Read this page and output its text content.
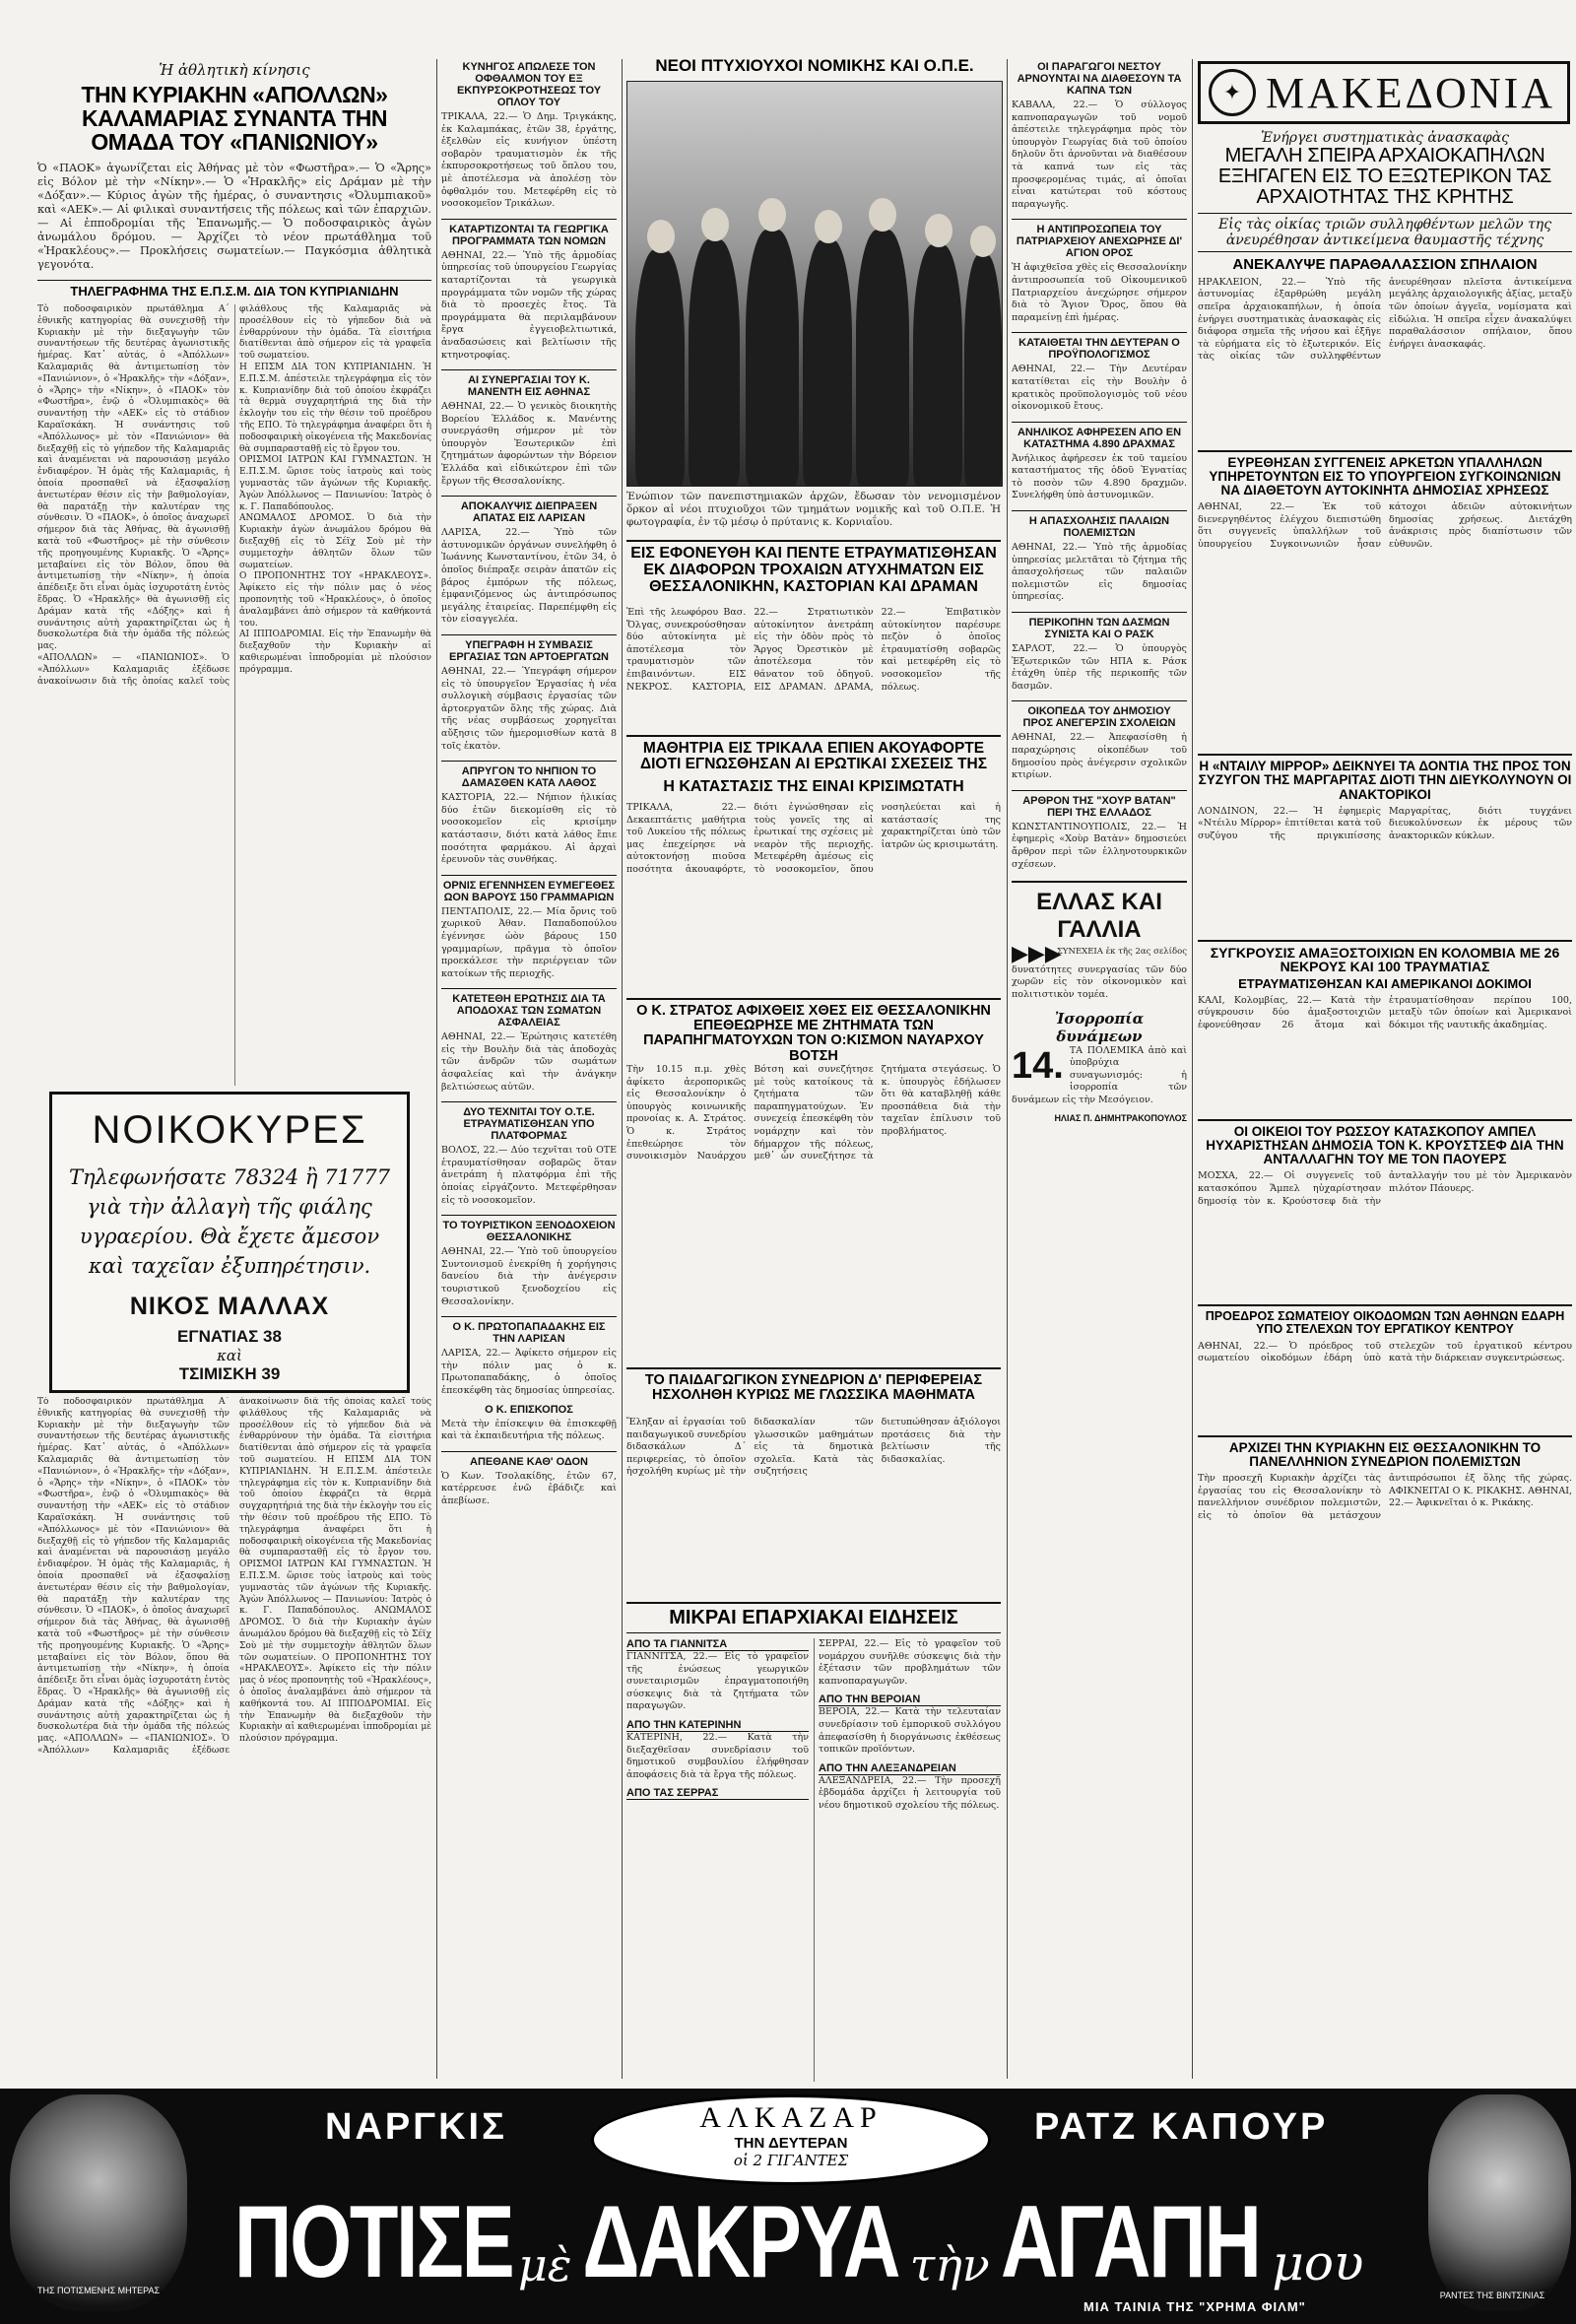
Ἡ ἀθλητικὴ κίνησις
ΤΗΝ ΚΥΡΙΑΚΗΝ «ΑΠΟΛΛΩΝ» ΚΑΛΑΜΑΡΙΑΣ ΣΥΝΑΝΤΑ ΤΗΝ ΟΜΑΔΑ ΤΟΥ «ΠΑΝΙΩΝΙΟΥ»
Ὁ «ΠΑΟΚ» ἀγωνίζεται εἰς Ἀθήνας μὲ τὸν «Φωστῆρα».— Ὁ «Ἄρης» εἰς Βόλον μὲ τὴν «Νίκην».— Ὁ «Ἡρακλῆς» εἰς Δράμαν μὲ τὴν «Δόξαν».— Κύριος ἀγὼν τῆς ἡμέρας, ὁ συναντησις «Ὀλυμπιακοῦ» καὶ «ΑΕΚ».— Αἱ φιλικαὶ συναντήσεις τῆς πόλεως καὶ τῶν ἐπαρχιῶν.— Αἱ ἐπποδρομίαι τῆς Ἐπανωμῆς.— Ὁ ποδοσφαιρικὸς ἀγὼν ἀνωμάλου δρόμου. — Ἀρχίζει τὸ νέον πρωτάθλημα τοῦ «Ἡρακλέους».— Προκλήσεις σωματείων.— Παγκόσμια ἀθλητικὰ γεγονότα.
ΤΗΛΕΓΡΑΦΗΜΑ ΤΗΣ Ε.Π.Σ.Μ. ΔΙΑ ΤΟΝ ΚΥΠΡΙΑΝΙΔΗΝ
Τὸ ποδοσφαιρικὸν πρωτάθλημα Α΄ ἐθνικῆς κατηγορίας θὰ συνεχισθῇ τὴν Κυριακὴν μὲ τὴν διεξαγωγὴν τῶν συναντήσεων τῆς δευτέρας ἀγωνιστικῆς ἡμέρας. Κατ᾿ αὐτάς, ὁ «Ἀπόλλων» Καλαμαριᾶς θὰ ἀντιμετωπίσῃ τὸν «Πανιώνιον», ὁ «Ἡρακλῆς» τὴν «Δόξαν», ὁ «Ἄρης» τὴν «Νίκην», ὁ «ΠΑΟΚ» τὸν «Φωστῆρα», ἐνῷ ὁ «Ὀλυμπιακὸς» θὰ συναντήσῃ τὴν «ΑΕΚ» εἰς τὸ στάδιον Καραϊσκάκη. Ἡ συνάντησις τοῦ «Ἀπόλλωνος» μὲ τὸν «Πανιώνιον» θὰ διεξαχθῇ εἰς τὸ γήπεδον τῆς Καλαμαριᾶς καὶ ἀναμένεται νὰ παρουσιάσῃ μεγάλο ἐνδιαφέρον. Ἡ ὁμὰς τῆς Καλαμαριᾶς, ἡ ὁποία προσπαθεῖ νὰ ἐξασφαλίσῃ ἀνετωτέραν θέσιν εἰς τὴν βαθμολογίαν, θὰ παρατάξῃ τὴν καλυτέραν της σύνθεσιν. Ὁ «ΠΑΟΚ», ὁ ὁποῖος ἀναχωρεῖ σήμερον διὰ τὰς Ἀθήνας, θὰ ἀγωνισθῇ κατὰ τοῦ «Φωστῆρος» μὲ τὴν σύνθεσιν τῆς προηγουμένης Κυριακῆς. Ὁ «Ἄρης» μεταβαίνει εἰς τὸν Βόλον, ὅπου θὰ ἀντιμετωπίσῃ τὴν «Νίκην», ἡ ὁποία ἀπέδειξε ὅτι εἶναι ὁμὰς ἰσχυροτάτη ἐντὸς ἕδρας. Ὁ «Ἡρακλῆς» θὰ ἀγωνισθῇ εἰς Δράμαν κατὰ τῆς «Δόξης» καὶ ἡ συνάντησις αὐτὴ χαρακτηρίζεται ὡς ἡ δυσκολωτέρα διὰ τὴν ὁμάδα τῆς πόλεώς μας.
«ΑΠΟΛΛΩΝ» — «ΠΑΝΙΩΝΙΟΣ». Ὁ «Ἀπόλλων» Καλαμαριᾶς ἐξέδωσε ἀνακοίνωσιν διὰ τῆς ὁποίας καλεῖ τοὺς φιλάθλους τῆς Καλαμαριᾶς νὰ προσέλθουν εἰς τὸ γήπεδον διὰ νὰ ἐνθαρρύνουν τὴν ὁμάδα. Τὰ εἰσιτήρια διατίθενται ἀπὸ σήμερον εἰς τὰ γραφεῖα τοῦ σωματείου.
Η ΕΠΣΜ ΔΙΑ ΤΟΝ ΚΥΠΡΙΑΝΙΔΗΝ. Ἡ Ε.Π.Σ.Μ. ἀπέστειλε τηλεγράφημα εἰς τὸν κ. Κυπριανίδην διὰ τοῦ ὁποίου ἐκφράζει τὰ θερμὰ συγχαρητήριά της διὰ τὴν ἐκλογὴν του εἰς τὴν θέσιν τοῦ προέδρου τῆς ΕΠΟ. Τὸ τηλεγράφημα ἀναφέρει ὅτι ἡ ποδοσφαιρικὴ οἰκογένεια τῆς Μακεδονίας θὰ συμπαρασταθῇ εἰς τὸ ἔργον του.
ΟΡΙΣΜΟΙ ΙΑΤΡΩΝ ΚΑΙ ΓΥΜΝΑΣΤΩΝ. Ἡ Ε.Π.Σ.Μ. ὥρισε τοὺς ἰατροὺς καὶ τοὺς γυμναστὰς τῶν ἀγώνων τῆς Κυριακῆς. Ἀγὼν Ἀπόλλωνος — Πανιωνίου: Ἰατρὸς ὁ κ. Γ. Παπαδόπουλος.
ΑΝΩΜΑΛΟΣ ΔΡΟΜΟΣ. Ὁ διὰ τὴν Κυριακὴν ἀγὼν ἀνωμάλου δρόμου θὰ διεξαχθῇ εἰς τὸ Σέϊχ Σοὺ μὲ τὴν συμμετοχὴν ἀθλητῶν ὅλων τῶν σωματείων.
Ο ΠΡΟΠΟΝΗΤΗΣ ΤΟΥ «ΗΡΑΚΛΕΟΥΣ». Ἀφίκετο εἰς τὴν πόλιν μας ὁ νέος προπονητὴς τοῦ «Ἡρακλέους», ὁ ὁποῖος ἀναλαμβάνει ἀπὸ σήμερον τὰ καθήκοντά του.
ΑΙ ΙΠΠΟΔΡΟΜΙΑΙ. Εἰς τὴν Ἐπανωμὴν θὰ διεξαχθοῦν τὴν Κυριακὴν αἱ καθιερωμέναι ἱπποδρομίαι μὲ πλούσιον πρόγραμμα.
ΝΟΙΚΟΚΥΡΕΣ
Τηλεφωνήσατε 78324 ἢ 71777 γιὰ τὴν ἀλλαγὴ τῆς φιάλης υγραερίου. Θὰ ἔχετε ἄμεσον καὶ ταχεῖαν ἐξυπηρέτησιν.
ΝΙΚΟΣ ΜΑΛΛΑΧ
ΕΓΝΑΤΙΑΣ 38
καὶ
ΤΣΙΜΙΣΚΗ 39
Τὸ ποδοσφαιρικὸν πρωτάθλημα Α΄ ἐθνικῆς κατηγορίας θὰ συνεχισθῇ τὴν Κυριακὴν μὲ τὴν διεξαγωγὴν τῶν συναντήσεων τῆς δευτέρας ἀγωνιστικῆς ἡμέρας. Κατ᾿ αὐτάς, ὁ «Ἀπόλλων» Καλαμαριᾶς θὰ ἀντιμετωπίσῃ τὸν «Πανιώνιον», ὁ «Ἡρακλῆς» τὴν «Δόξαν», ὁ «Ἄρης» τὴν «Νίκην», ὁ «ΠΑΟΚ» τὸν «Φωστῆρα», ἐνῷ ὁ «Ὀλυμπιακὸς» θὰ συναντήσῃ τὴν «ΑΕΚ» εἰς τὸ στάδιον Καραϊσκάκη. Ἡ συνάντησις τοῦ «Ἀπόλλωνος» μὲ τὸν «Πανιώνιον» θὰ διεξαχθῇ εἰς τὸ γήπεδον τῆς Καλαμαριᾶς καὶ ἀναμένεται νὰ παρουσιάσῃ μεγάλο ἐνδιαφέρον. Ἡ ὁμὰς τῆς Καλαμαριᾶς, ἡ ὁποία προσπαθεῖ νὰ ἐξασφαλίσῃ ἀνετωτέραν θέσιν εἰς τὴν βαθμολογίαν, θὰ παρατάξῃ τὴν καλυτέραν της σύνθεσιν. Ὁ «ΠΑΟΚ», ὁ ὁποῖος ἀναχωρεῖ σήμερον διὰ τὰς Ἀθήνας, θὰ ἀγωνισθῇ κατὰ τοῦ «Φωστῆρος» μὲ τὴν σύνθεσιν τῆς προηγουμένης Κυριακῆς. Ὁ «Ἄρης» μεταβαίνει εἰς τὸν Βόλον, ὅπου θὰ ἀντιμετωπίσῃ τὴν «Νίκην», ἡ ὁποία ἀπέδειξε ὅτι εἶναι ὁμὰς ἰσχυροτάτη ἐντὸς ἕδρας. Ὁ «Ἡρακλῆς» θὰ ἀγωνισθῇ εἰς Δράμαν κατὰ τῆς «Δόξης» καὶ ἡ συνάντησις αὐτὴ χαρακτηρίζεται ὡς ἡ δυσκολωτέρα διὰ τὴν ὁμάδα τῆς πόλεώς μας. «ΑΠΟΛΛΩΝ» — «ΠΑΝΙΩΝΙΟΣ». Ὁ «Ἀπόλλων» Καλαμαριᾶς ἐξέδωσε ἀνακοίνωσιν διὰ τῆς ὁποίας καλεῖ τοὺς φιλάθλους τῆς Καλαμαριᾶς νὰ προσέλθουν εἰς τὸ γήπεδον διὰ νὰ ἐνθαρρύνουν τὴν ὁμάδα. Τὰ εἰσιτήρια διατίθενται ἀπὸ σήμερον εἰς τὰ γραφεῖα τοῦ σωματείου. Η ΕΠΣΜ ΔΙΑ ΤΟΝ ΚΥΠΡΙΑΝΙΔΗΝ. Ἡ Ε.Π.Σ.Μ. ἀπέστειλε τηλεγράφημα εἰς τὸν κ. Κυπριανίδην διὰ τοῦ ὁποίου ἐκφράζει τὰ θερμὰ συγχαρητήριά της διὰ τὴν ἐκλογὴν του εἰς τὴν θέσιν τοῦ προέδρου τῆς ΕΠΟ. Τὸ τηλεγράφημα ἀναφέρει ὅτι ἡ ποδοσφαιρικὴ οἰκογένεια τῆς Μακεδονίας θὰ συμπαρασταθῇ εἰς τὸ ἔργον του. ΟΡΙΣΜΟΙ ΙΑΤΡΩΝ ΚΑΙ ΓΥΜΝΑΣΤΩΝ. Ἡ Ε.Π.Σ.Μ. ὥρισε τοὺς ἰατροὺς καὶ τοὺς γυμναστὰς τῶν ἀγώνων τῆς Κυριακῆς. Ἀγὼν Ἀπόλλωνος — Πανιωνίου: Ἰατρὸς ὁ κ. Γ. Παπαδόπουλος. ΑΝΩΜΑΛΟΣ ΔΡΟΜΟΣ. Ὁ διὰ τὴν Κυριακὴν ἀγὼν ἀνωμάλου δρόμου θὰ διεξαχθῇ εἰς τὸ Σέϊχ Σοὺ μὲ τὴν συμμετοχὴν ἀθλητῶν ὅλων τῶν σωματείων. Ο ΠΡΟΠΟΝΗΤΗΣ ΤΟΥ «ΗΡΑΚΛΕΟΥΣ». Ἀφίκετο εἰς τὴν πόλιν μας ὁ νέος προπονητὴς τοῦ «Ἡρακλέους», ὁ ὁποῖος ἀναλαμβάνει ἀπὸ σήμερον τὰ καθήκοντά του. ΑΙ ΙΠΠΟΔΡΟΜΙΑΙ. Εἰς τὴν Ἐπανωμὴν θὰ διεξαχθοῦν τὴν Κυριακὴν αἱ καθιερωμέναι ἱπποδρομίαι μὲ πλούσιον πρόγραμμα.
ΚΥΝΗΓΟΣ ΑΠΩΛΕΣΕ ΤΟΝ ΟΦΘΑΛΜΟΝ ΤΟΥ ΕΞ ΕΚΠΥΡΣΟΚΡΟΤΗΣΕΩΣ ΤΟΥ ΟΠΛΟΥ ΤΟΥ
ΤΡΙΚΑΛΑ, 22.— Ὁ Δημ. Τριγκάκης, ἐκ Καλαμπάκας, ἐτῶν 38, ἐργάτης, ἐξελθὼν εἰς κυνήγιον ὑπέστη σοβαρὸν τραυματισμὸν ἐκ τῆς ἐκπυρσοκροτήσεως τοῦ ὅπλου του, μὲ ἀποτέλεσμα νὰ ἀπολέσῃ τὸν ὀφθαλμόν του. Μετεφέρθη εἰς τὸ νοσοκομεῖον Τρικάλων.
ΚΑΤΑΡΤΙΖΟΝΤΑΙ ΤΑ ΓΕΩΡΓΙΚΑ ΠΡΟΓΡΑΜΜΑΤΑ ΤΩΝ ΝΟΜΩΝ
ΑΘΗΝΑΙ, 22.— Ὑπὸ τῆς ἁρμοδίας ὑπηρεσίας τοῦ ὑπουργείου Γεωργίας καταρτίζονται τὰ γεωργικὰ προγράμματα τῶν νομῶν τῆς χώρας διὰ τὸ προσεχὲς ἔτος. Τὰ προγράμματα θὰ περιλαμβάνουν ἔργα ἐγγειοβελτιωτικά, ἀναδασώσεις καὶ βελτίωσιν τῆς κτηνοτροφίας.
ΑΙ ΣΥΝΕΡΓΑΣΙΑΙ ΤΟΥ Κ. ΜΑΝΕΝΤΗ ΕΙΣ ΑΘΗΝΑΣ
ΑΘΗΝΑΙ, 22.— Ὁ γενικὸς διοικητὴς Βορείου Ἑλλάδος κ. Μανέντης συνεργάσθη σήμερον μὲ τὸν ὑπουργὸν Ἐσωτερικῶν ἐπὶ ζητημάτων ἀφορώντων τὴν Βόρειον Ἑλλάδα καὶ εἰδικώτερον ἐπὶ τῶν ἔργων τῆς Θεσσαλονίκης.
ΑΠΟΚΑΛΥΨΙΣ ΔΙΕΠΡΑΞΕΝ ΑΠΑΤΑΣ ΕΙΣ ΛΑΡΙΣΑΝ
ΛΑΡΙΣΑ, 22.— Ὑπὸ τῶν ἀστυνομικῶν ὀργάνων συνελήφθη ὁ Ἰωάννης Κωνσταντίνου, ἐτῶν 34, ὁ ὁποῖος διέπραξε σειρὰν ἀπατῶν εἰς βάρος ἐμπόρων τῆς πόλεως, ἐμφανιζόμενος ὡς ἀντιπρόσωπος μεγάλης ἑταιρείας. Παρεπέμφθη εἰς τὸν εἰσαγγελέα.
ΥΠΕΓΡΑΦΗ Η ΣΥΜΒΑΣΙΣ ΕΡΓΑΣΙΑΣ ΤΩΝ ΑΡΤΟΕΡΓΑΤΩΝ
ΑΘΗΝΑΙ, 22.— Ὑπεγράφη σήμερον εἰς τὸ ὑπουργεῖον Ἐργασίας ἡ νέα συλλογικὴ σύμβασις ἐργασίας τῶν ἀρτοεργατῶν ὅλης τῆς χώρας. Διὰ τῆς νέας συμβάσεως χορηγεῖται αὔξησις τῶν ἡμερομισθίων κατὰ 8 τοῖς ἑκατὸν.
ΑΠΡΥΓΟΝ ΤΟ ΝΗΠΙΟΝ ΤΟ ΔΑΜΑΣΘΕΝ ΚΑΤΑ ΛΑΘΟΣ
ΚΑΣΤΟΡΙΑ, 22.— Νήπιον ἡλικίας δύο ἐτῶν διεκομίσθη εἰς τὸ νοσοκομεῖον εἰς κρισίμην κατάστασιν, διότι κατὰ λάθος ἔπιε ποσότητα φαρμάκου. Αἱ ἀρχαὶ ἐρευνοῦν τὰς συνθήκας.
ΟΡΝΙΣ ΕΓΕΝΝΗΣΕΝ ΕΥΜΕΓΕΘΕΣ ΩΟΝ ΒΑΡΟΥΣ 150 ΓΡΑΜΜΑΡΙΩΝ
ΠΕΝΤΑΠΟΛΙΣ, 22.— Μία ὄρνις τοῦ χωρικοῦ Ἀθαν. Παπαδοπούλου ἐγέννησε ὠὸν βάρους 150 γραμμαρίων, πρᾶγμα τὸ ὁποῖον προεκάλεσε τὴν περιέργειαν τῶν κατοίκων τῆς περιοχῆς.
ΚΑΤΕΤΕΘΗ ΕΡΩΤΗΣΙΣ ΔΙΑ ΤΑ ΑΠΟΔΟΧΑΣ ΤΩΝ ΣΩΜΑΤΩΝ ΑΣΦΑΛΕΙΑΣ
ΑΘΗΝΑΙ, 22.— Ἐρώτησις κατετέθη εἰς τὴν Βουλὴν διὰ τὰς ἀποδοχὰς τῶν ἀνδρῶν τῶν σωμάτων ἀσφαλείας καὶ τὴν ἀνάγκην βελτιώσεως αὐτῶν.
ΔΥΟ ΤΕΧΝΙΤΑΙ ΤΟΥ Ο.Τ.Ε. ΕΤΡΑΥΜΑΤΙΣΘΗΣΑΝ ΥΠΟ ΠΛΑΤΦΟΡΜΑΣ
ΒΟΛΟΣ, 22.— Δύο τεχνῖται τοῦ ΟΤΕ ἐτραυματίσθησαν σοβαρῶς ὅταν ἀνετράπη ἡ πλατφόρμα ἐπὶ τῆς ὁποίας εἰργάζοντο. Μετεφέρθησαν εἰς τὸ νοσοκομεῖον.
ΤΟ ΤΟΥΡΙΣΤΙΚΟΝ ΞΕΝΟΔΟΧΕΙΟΝ ΘΕΣΣΑΛΟΝΙΚΗΣ
ΑΘΗΝΑΙ, 22.— Ὑπὸ τοῦ ὑπουργείου Συντονισμοῦ ἐνεκρίθη ἡ χορήγησις δανείου διὰ τὴν ἀνέγερσιν τουριστικοῦ ξενοδοχείου εἰς Θεσσαλονίκην.
Ο Κ. ΠΡΩΤΟΠΑΠΑΔΑΚΗΣ ΕΙΣ ΤΗΝ ΛΑΡΙΣΑΝ
ΛΑΡΙΣΑ, 22.— Ἀφίκετο σήμερον εἰς τὴν πόλιν μας ὁ κ. Πρωτοπαπαδάκης, ὁ ὁποῖος ἐπεσκέφθη τὰς δημοσίας ὑπηρεσίας.
Ο Κ. ΕΠΙΣΚΟΠΟΣ
Μετὰ τὴν ἐπίσκεψιν θὰ ἐπισκεφθῇ καὶ τὰ ἐκπαιδευτήρια τῆς πόλεως.
ΑΠΕΘΑΝΕ ΚΑΘ' ΟΔΟΝ
Ὁ Κων. Τσολακίδης, ἐτῶν 67, κατέρρευσε ἐνῶ ἐβάδιζε καὶ ἀπεβίωσε.
ΝΕΟΙ ΠΤΥΧΙΟΥΧΟΙ ΝΟΜΙΚΗΣ ΚΑΙ Ο.Π.Ε.
Ἐνώπιον τῶν πανεπιστημιακῶν ἀρχῶν, ἔδωσαν τὸν νενομισμένον ὅρκον αἱ νέοι πτυχιοῦχοι τῶν τμημάτων νομικῆς καὶ τοῦ Ο.Π.Ε. Ἡ φωτογραφία, ἐν τῷ μέσῳ ὁ πρύτανις κ. Κορνιαΐου.
ΕΙΣ ΕΦΟΝΕΥΘΗ ΚΑΙ ΠΕΝΤΕ ΕΤΡΑΥΜΑΤΙΣΘΗΣΑΝ ΕΚ ΔΙΑΦΟΡΩΝ ΤΡΟΧΑΙΩΝ ΑΤΥΧΗΜΑΤΩΝ ΕΙΣ ΘΕΣΣΑΛΟΝΙΚΗΝ, ΚΑΣΤΟΡΙΑΝ ΚΑΙ ΔΡΑΜΑΝ
Ἐπὶ τῆς λεωφόρου Βασ. Ὄλγας, συνεκρούσθησαν δύο αὐτοκίνητα μὲ ἀποτέλεσμα τὸν τραυματισμὸν τῶν ἐπιβαινόντων. ΕΙΣ ΝΕΚΡΟΣ. ΚΑΣΤΟΡΙΑ, 22.— Στρατιωτικὸν αὐτοκίνητον ἀνετράπη εἰς τὴν ὁδὸν πρὸς τὸ Ἄργος Ὀρεστικὸν μὲ ἀποτέλεσμα τὸν θάνατον τοῦ ὁδηγοῦ. ΕΙΣ ΔΡΑΜΑΝ. ΔΡΑΜΑ, 22.— Ἐπιβατικὸν αὐτοκίνητον παρέσυρε πεζὸν ὁ ὁποῖος ἐτραυματίσθη σοβαρῶς καὶ μετεφέρθη εἰς τὸ νοσοκομεῖον τῆς πόλεως.
ΜΑΘΗΤΡΙΑ ΕΙΣ ΤΡΙΚΑΛΑ ΕΠΙΕΝ ΑΚΟΥΑΦΟΡΤΕ ΔΙΟΤΙ ΕΓΝΩΣΘΗΣΑΝ ΑΙ ΕΡΩΤΙΚΑΙ ΣΧΕΣΕΙΣ ΤΗΣ
Η ΚΑΤΑΣΤΑΣΙΣ ΤΗΣ ΕΙΝΑΙ ΚΡΙΣΙΜΩΤΑΤΗ
ΤΡΙΚΑΛΑ, 22.— Δεκαεπτάετις μαθήτρια τοῦ Λυκείου τῆς πόλεως μας ἐπεχείρησε νὰ αὐτοκτονήσῃ πιοῦσα ποσότητα ἀκουαφόρτε, διότι ἐγνώσθησαν εἰς τοὺς γονεῖς της αἱ ἐρωτικαί της σχέσεις μὲ νεαρὸν τῆς περιοχῆς. Μετεφέρθη ἀμέσως εἰς τὸ νοσοκομεῖον, ὅπου νοσηλεύεται καὶ ἡ κατάστασίς της χαρακτηρίζεται ὑπὸ τῶν ἰατρῶν ὡς κρισιμωτάτη.
Ο Κ. ΣΤΡΑΤΟΣ ΑΦΙΧΘΕΙΣ ΧΘΕΣ ΕΙΣ ΘΕΣΣΑΛΟΝΙΚΗΝ ΕΠΕΘΕΩΡΗΣΕ ΜΕ ΖΗΤΗΜΑΤΑ ΤΩΝ ΠΑΡΑΠΗΓΜΑΤΟΥΧΩΝ ΤΟΝ Ο:ΚΙΣΜΟΝ ΝΑΥΑΡΧΟΥ ΒΟΤΣΗ
Τὴν 10.15 π.μ. χθὲς ἀφίκετο ἀεροπορικῶς εἰς Θεσσαλονίκην ὁ ὑπουργὸς κοινωνικῆς προνοίας κ. Α. Στράτος. Ὁ κ. Στράτος ἐπεθεώρησε τὸν συνοικισμὸν Ναυάρχου Βότση καὶ συνεζήτησε μὲ τοὺς κατοίκους τὰ ζητήματα τῶν παραπηγματούχων. Ἐν συνεχείᾳ ἐπεσκέφθη τὸν νομάρχην καὶ τὸν δήμαρχον τῆς πόλεως, μεθ᾿ ὧν συνεζήτησε τὰ ζητήματα στεγάσεως. Ὁ κ. ὑπουργὸς ἐδήλωσεν ὅτι θὰ καταβληθῇ κάθε προσπάθεια διὰ τὴν ταχεῖαν ἐπίλυσιν τοῦ προβλήματος.
ΤΟ ΠΑΙΔΑΓΩΓΙΚΟΝ ΣΥΝΕΔΡΙΟΝ Δ' ΠΕΡΙΦΕΡΕΙΑΣ ΗΣΧΟΛΗΘΗ ΚΥΡΙΩΣ ΜΕ ΓΛΩΣΣΙΚΑ ΜΑΘΗΜΑΤΑ
Ἔληξαν αἱ ἐργασίαι τοῦ παιδαγωγικοῦ συνεδρίου διδασκάλων Δ΄ περιφερείας, τὸ ὁποῖον ἠσχολήθη κυρίως μὲ τὴν διδασκαλίαν τῶν γλωσσικῶν μαθημάτων εἰς τὰ δημοτικὰ σχολεῖα. Κατὰ τὰς συζητήσεις διετυπώθησαν ἀξιόλογοι προτάσεις διὰ τὴν βελτίωσιν τῆς διδασκαλίας.
ΜΙΚΡΑΙ ΕΠΑΡΧΙΑΚΑΙ ΕΙΔΗΣΕΙΣ
ΑΠΟ ΤΑ ΓΙΑΝΝΙΤΣΑ
ΓΙΑΝΝΙΤΣΑ, 22.— Εἰς τὸ γραφεῖον τῆς ἐνώσεως γεωργικῶν συνεταιρισμῶν ἐπραγματοποιήθη σύσκεψις διὰ τὰ ζητήματα τῶν παραγωγῶν.
ΑΠΟ ΤΗΝ ΚΑΤΕΡΙΝΗΝ
ΚΑΤΕΡΙΝΗ, 22.— Κατὰ τὴν διεξαχθεῖσαν συνεδρίασιν τοῦ δημοτικοῦ συμβουλίου ἐλήφθησαν ἀποφάσεις διὰ τὰ ἔργα τῆς πόλεως.
ΑΠΟ ΤΑΣ ΣΕΡΡΑΣ
ΣΕΡΡΑΙ, 22.— Εἰς τὸ γραφεῖον τοῦ νομάρχου συνῆλθε σύσκεψις διὰ τὴν ἐξέτασιν τῶν προβλημάτων τῶν καπνοπαραγωγῶν.
ΑΠΟ ΤΗΝ ΒΕΡΟΙΑΝ
ΒΕΡΟΙΑ, 22.— Κατὰ τὴν τελευταίαν συνεδρίασιν τοῦ ἐμπορικοῦ συλλόγου ἀπεφασίσθη ἡ διοργάνωσις ἐκθέσεως τοπικῶν προϊόντων.
ΑΠΟ ΤΗΝ ΑΛΕΞΑΝΔΡΕΙΑΝ
ΑΛΕΞΑΝΔΡΕΙΑ, 22.— Τὴν προσεχῆ ἑβδομάδα ἀρχίζει ἡ λειτουργία τοῦ νέου δημοτικοῦ σχολείου τῆς πόλεως.
ΟΙ ΠΑΡΑΓΩΓΟΙ ΝΕΣΤΟΥ ΑΡΝΟΥΝΤΑΙ ΝΑ ΔΙΑΘΕΣΟΥΝ ΤΑ ΚΑΠΝΑ ΤΩΝ
ΚΑΒΑΛΑ, 22.— Ὁ σύλλογος καπνοπαραγωγῶν τοῦ νομοῦ ἀπέστειλε τηλεγράφημα πρὸς τὸν ὑπουργὸν Γεωργίας διὰ τοῦ ὁποίου δηλοῦν ὅτι ἀρνοῦνται νὰ διαθέσουν τὰ καπνά των εἰς τὰς προσφερομένας τιμάς, αἱ ὁποῖαι εἶναι κατώτεραι τοῦ κόστους παραγωγῆς.
Η ΑΝΤΙΠΡΟΣΩΠΕΙΑ ΤΟΥ ΠΑΤΡΙΑΡΧΕΙΟΥ ΑΝΕΧΩΡΗΣΕ ΔΙ' ΑΓΙΟΝ ΟΡΟΣ
Ἡ ἀφιχθεῖσα χθὲς εἰς Θεσσαλονίκην ἀντιπροσωπεία τοῦ Οἰκουμενικοῦ Πατριαρχείου ἀνεχώρησε σήμερον διὰ τὸ Ἅγιον Ὄρος, ὅπου θὰ παραμείνῃ ἐπὶ ἡμέρας.
ΚΑΤΑΙΘΕΤΑΙ ΤΗΝ ΔΕΥΤΕΡΑΝ Ο ΠΡΟΫΠΟΛΟΓΙΣΜΟΣ
ΑΘΗΝΑΙ, 22.— Τὴν Δευτέραν κατατίθεται εἰς τὴν Βουλὴν ὁ κρατικὸς προϋπολογισμὸς τοῦ νέου οἰκονομικοῦ ἔτους.
ΑΝΗΛΙΚΟΣ ΑΦΗΡΕΣΕΝ ΑΠΟ ΕΝ ΚΑΤΑΣΤΗΜΑ 4.890 ΔΡΑΧΜΑΣ
Ἀνήλικος ἀφήρεσεν ἐκ τοῦ ταμείου καταστήματος τῆς ὁδοῦ Ἐγνατίας τὸ ποσὸν τῶν 4.890 δραχμῶν. Συνελήφθη ὑπὸ ἀστυνομικῶν.
Η ΑΠΑΣΧΟΛΗΣΙΣ ΠΑΛΑΙΩΝ ΠΟΛΕΜΙΣΤΩΝ
ΑΘΗΝΑΙ, 22.— Ὑπὸ τῆς ἁρμοδίας ὑπηρεσίας μελετᾶται τὸ ζήτημα τῆς ἀπασχολήσεως τῶν παλαιῶν πολεμιστῶν εἰς δημοσίας ὑπηρεσίας.
ΠΕΡΙΚΟΠΗΝ ΤΩΝ ΔΑΣΜΩΝ ΣΥΝΙΣΤΑ ΚΑΙ Ο ΡΑΣΚ
ΣΑΡΛΟΤ, 22.— Ὁ ὑπουργὸς Ἐξωτερικῶν τῶν ΗΠΑ κ. Ράσκ ἐτάχθη ὑπὲρ τῆς περικοπῆς τῶν δασμῶν.
ΟΙΚΟΠΕΔΑ ΤΟΥ ΔΗΜΟΣΙΟΥ ΠΡΟΣ ΑΝΕΓΕΡΣΙΝ ΣΧΟΛΕΙΩΝ
ΑΘΗΝΑΙ, 22.— Ἀπεφασίσθη ἡ παραχώρησις οἰκοπέδων τοῦ δημοσίου πρὸς ἀνέγερσιν σχολικῶν κτιρίων.
ΑΡΘΡΟΝ ΤΗΣ "ΧΟΥΡ ΒΑΤΑΝ" ΠΕΡΙ ΤΗΣ ΕΛΛΑΔΟΣ
ΚΩΝΣΤΑΝΤΙΝΟΥΠΟΛΙΣ, 22.— Ἡ ἐφημερὶς «Χοὺρ Βατὰν» δημοσιεύει ἄρθρον περὶ τῶν ἑλληνοτουρκικῶν σχέσεων.
ΕΛΛΑΣ ΚΑΙ ΓΑΛΛΙΑ
▶▶▶
ΣΥΝΕΧΕΙΑ ἐκ τῆς 2ας σελίδος
δυνατότητες συνεργασίας τῶν δύο χωρῶν εἰς τὸν οἰκονομικὸν καὶ πολιτιστικὸν τομέα.
Ἰσορροπία δυνάμεων
14. ΤΑ ΠΟΛΕΜΙΚΑ ἀπὸ καὶ ὑποβρύχια συναγωνισμός: ἡ ἰσορροπία τῶν δυνάμεων εἰς τὴν Μεσόγειον.
ΗΛΙΑΣ Π. ΔΗΜΗΤΡΑΚΟΠΟΥΛΟΣ
✦ ΜΑΚΕΔΟΝΙΑ
Ἐνήργει συστηματικὰς ἀνασκαφὰς
ΜΕΓΑΛΗ ΣΠΕΙΡΑ ΑΡΧΑΙΟΚΑΠΗΛΩΝ ΕΞΗΓΑΓΕΝ ΕΙΣ ΤΟ ΕΞΩΤΕΡΙΚΟΝ ΤΑΣ ΑΡΧΑΙΟΤΗΤΑΣ ΤΗΣ ΚΡΗΤΗΣ
Εἰς τὰς οἰκίας τριῶν συλληφθέντων μελῶν της ἀνευρέθησαν ἀντικείμενα θαυμαστῆς τέχνης
ΑΝΕΚΑΛΥΨΕ ΠΑΡΑΘΑΛΑΣΣΙΟΝ ΣΠΗΛΑΙΟΝ
ΗΡΑΚΛΕΙΟΝ, 22.— Ὑπὸ τῆς ἀστυνομίας ἐξαρθρώθη μεγάλη σπεῖρα ἀρχαιοκαπήλων, ἡ ὁποία ἐνήργει συστηματικὰς ἀνασκαφὰς εἰς διάφορα σημεῖα τῆς νήσου καὶ ἐξῆγε τὰ εὑρήματα εἰς τὸ ἐξωτερικόν. Εἰς τὰς οἰκίας τῶν συλληφθέντων ἀνευρέθησαν πλεῖστα ἀντικείμενα μεγάλης ἀρχαιολογικῆς ἀξίας, μεταξὺ τῶν ὁποίων ἀγγεῖα, νομίσματα καὶ εἰδώλια. Ἡ σπεῖρα εἶχεν ἀνακαλύψει παραθαλάσσιον σπήλαιον, ὅπου ἐνήργει ἀνασκαφάς.
ΕΥΡΕΘΗΣΑΝ ΣΥΓΓΕΝΕΙΣ ΑΡΚΕΤΩΝ ΥΠΑΛΛΗΛΩΝ ΥΠΗΡΕΤΟΥΝΤΩΝ ΕΙΣ ΤΟ ΥΠΟΥΡΓΕΙΟΝ ΣΥΓΚΟΙΝΩΝΙΩΝ ΝΑ ΔΙΑΘΕΤΟΥΝ ΑΥΤΟΚΙΝΗΤΑ ΔΗΜΟΣΙΑΣ ΧΡΗΣΕΩΣ
ΑΘΗΝΑΙ, 22.— Ἐκ τοῦ διενεργηθέντος ἐλέγχου διεπιστώθη ὅτι συγγενεῖς ὑπαλλήλων τοῦ ὑπουργείου Συγκοινωνιῶν ἦσαν κάτοχοι ἀδειῶν αὐτοκινήτων δημοσίας χρήσεως. Διετάχθη ἀνάκρισις πρὸς διαπίστωσιν τῶν εὐθυνῶν.
Η «ΝΤΑΙΛΥ ΜΙΡΡΟΡ» ΔΕΙΚΝΥΕΙ ΤΑ ΔΟΝΤΙΑ ΤΗΣ ΠΡΟΣ ΤΟΝ ΣΥΖΥΓΟΝ ΤΗΣ ΜΑΡΓΑΡΙΤΑΣ ΔΙΟΤΙ ΤΗΝ ΔΙΕΥΚΟΛΥΝΟΥΝ ΟΙ ΑΝΑΚΤΟΡΙΚΟΙ
ΛΟΝΔΙΝΟΝ, 22.— Ἡ ἐφημερὶς «Ντέιλυ Μίρρορ» ἐπιτίθεται κατὰ τοῦ συζύγου τῆς πριγκιπίσσης Μαργαρίτας, διότι τυγχάνει διευκολύνσεων ἐκ μέρους τῶν ἀνακτορικῶν κύκλων.
ΣΥΓΚΡΟΥΣΙΣ ΑΜΑΞΟΣΤΟΙΧΙΩΝ ΕΝ ΚΟΛΟΜΒΙΑ ΜΕ 26 ΝΕΚΡΟΥΣ ΚΑΙ 100 ΤΡΑΥΜΑΤΙΑΣ
ΕΤΡΑΥΜΑΤΙΣΘΗΣΑΝ ΚΑΙ ΑΜΕΡΙΚΑΝΟΙ ΔΟΚΙΜΟΙ
ΚΑΛΙ, Κολομβίας, 22.— Κατὰ τὴν σύγκρουσιν δύο ἀμαξοστοιχιῶν ἐφονεύθησαν 26 ἄτομα καὶ ἐτραυματίσθησαν περίπου 100, μεταξὺ τῶν ὁποίων καὶ Ἀμερικανοὶ δόκιμοι τῆς ναυτικῆς ἀκαδημίας.
ΟΙ ΟΙΚΕΙΟΙ ΤΟΥ ΡΩΣΣΟΥ ΚΑΤΑΣΚΟΠΟΥ ΑΜΠΕΛ ΗΥΧΑΡΙΣΤΗΣΑΝ ΔΗΜΟΣΙΑ ΤΟΝ Κ. ΚΡΟΥΣΤΣΕΦ ΔΙΑ ΤΗΝ ΑΝΤΑΛΛΑΓΗΝ ΤΟΥ ΜΕ ΤΟΝ ΠΑΟΥΕΡΣ
ΜΟΣΧΑ, 22.— Οἱ συγγενεῖς τοῦ κατασκόπου Ἄμπελ ηὐχαρίστησαν δημοσίᾳ τὸν κ. Κρούστσεφ διὰ τὴν ἀνταλλαγήν του μὲ τὸν Ἀμερικανὸν πιλότον Πάουερς.
ΠΡΟΕΔΡΟΣ ΣΩΜΑΤΕΙΟΥ ΟΙΚΟΔΟΜΩΝ ΤΩΝ ΑΘΗΝΩΝ ΕΔΑΡΗ ΥΠΟ ΣΤΕΛΕΧΩΝ ΤΟΥ ΕΡΓΑΤΙΚΟΥ ΚΕΝΤΡΟΥ
ΑΘΗΝΑΙ, 22.— Ὁ πρόεδρος τοῦ σωματείου οἰκοδόμων ἐδάρη ὑπὸ στελεχῶν τοῦ ἐργατικοῦ κέντρου κατὰ τὴν διάρκειαν συγκεντρώσεως.
ΑΡΧΙΖΕΙ ΤΗΝ ΚΥΡΙΑΚΗΝ ΕΙΣ ΘΕΣΣΑΛΟΝΙΚΗΝ ΤΟ ΠΑΝΕΛΛΗΝΙΟΝ ΣΥΝΕΔΡΙΟΝ ΠΟΛΕΜΙΣΤΩΝ
Τὴν προσεχῆ Κυριακὴν ἀρχίζει τὰς ἐργασίας του εἰς Θεσσαλονίκην τὸ πανελλήνιον συνέδριον πολεμιστῶν, εἰς τὸ ὁποῖον θὰ μετάσχουν ἀντιπρόσωποι ἐξ ὅλης τῆς χώρας. ΑΦΙΚΝΕΙΤΑΙ Ο Κ. ΡΙΚΑΚΗΣ. ΑΘΗΝΑΙ, 22.— Ἀφικνεῖται ὁ κ. Ρικάκης.
ΝΑΡΓΚΙΣ	ΑΛΚΑΖΑΡ
ΤΗΝ ΔΕΥΤΕΡΑΝ
οἱ 2 ΓΙΓΑΝΤΕΣ
ΡΑΤΖ ΚΑΠΟΥΡ
ΠΟΤΙΣΕ μὲ ΔΑΚΡΥΑ τὴν ΑΓΑΠΗ μου
ΤΗΣ ΠΟΤΙΣΜΕΝΗΣ ΜΗΤΕΡΑΣ	ΡΑΝΤΕΣ ΤΗΣ ΒΙΝΤΣΙΝΙΑΣ
ΜΙΑ ΤΑΙΝΙΑ ΤΗΣ "ΧΡΗΜΑ ΦΙΛΜ"
